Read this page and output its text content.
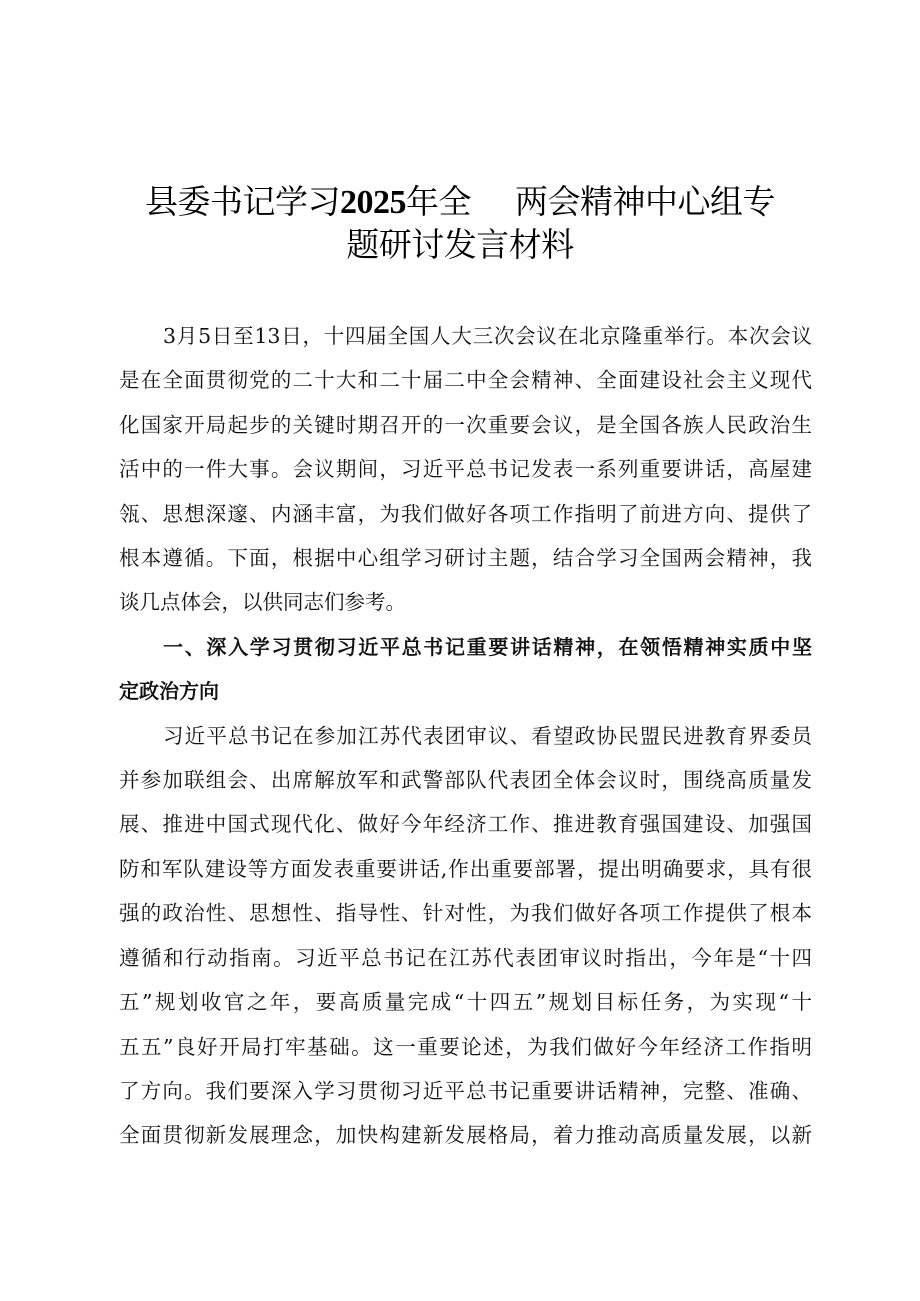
县委书记学习2025年全 两会精神中心组专
题研讨发言材料
3月5日至13日，十四届全国人大三次会议在北京隆重举行。本次会议
是在全面贯彻党的二十大和二十届二中全会精神、全面建设社会主义现代
化国家开局起步的关键时期召开的一次重要会议，是全国各族人民政治生
活中的一件大事。会议期间，习近平总书记发表一系列重要讲话，高屋建
瓴、思想深邃、内涵丰富，为我们做好各项工作指明了前进方向、提供了
根本遵循。下面，根据中心组学习研讨主题，结合学习全国两会精神，我
谈几点体会，以供同志们参考。
一、深入学习贯彻习近平总书记重要讲话精神，在领悟精神实质中坚
定政治方向
习近平总书记在参加江苏代表团审议、看望政协民盟民进教育界委员
并参加联组会、出席解放军和武警部队代表团全体会议时，围绕高质量发
展、推进中国式现代化、做好今年经济工作、推进教育强国建设、加强国
防和军队建设等方面发表重要讲话,作出重要部署，提出明确要求，具有很
强的政治性、思想性、指导性、针对性，为我们做好各项工作提供了根本
遵循和行动指南。习近平总书记在江苏代表团审议时指出，今年是“十四
五”规划收官之年，要高质量完成“十四五”规划目标任务，为实现“十
五五”良好开局打牢基础。这一重要论述，为我们做好今年经济工作指明
了方向。我们要深入学习贯彻习近平总书记重要讲话精神，完整、准确、
全面贯彻新发展理念，加快构建新发展格局，着力推动高质量发展，以新
